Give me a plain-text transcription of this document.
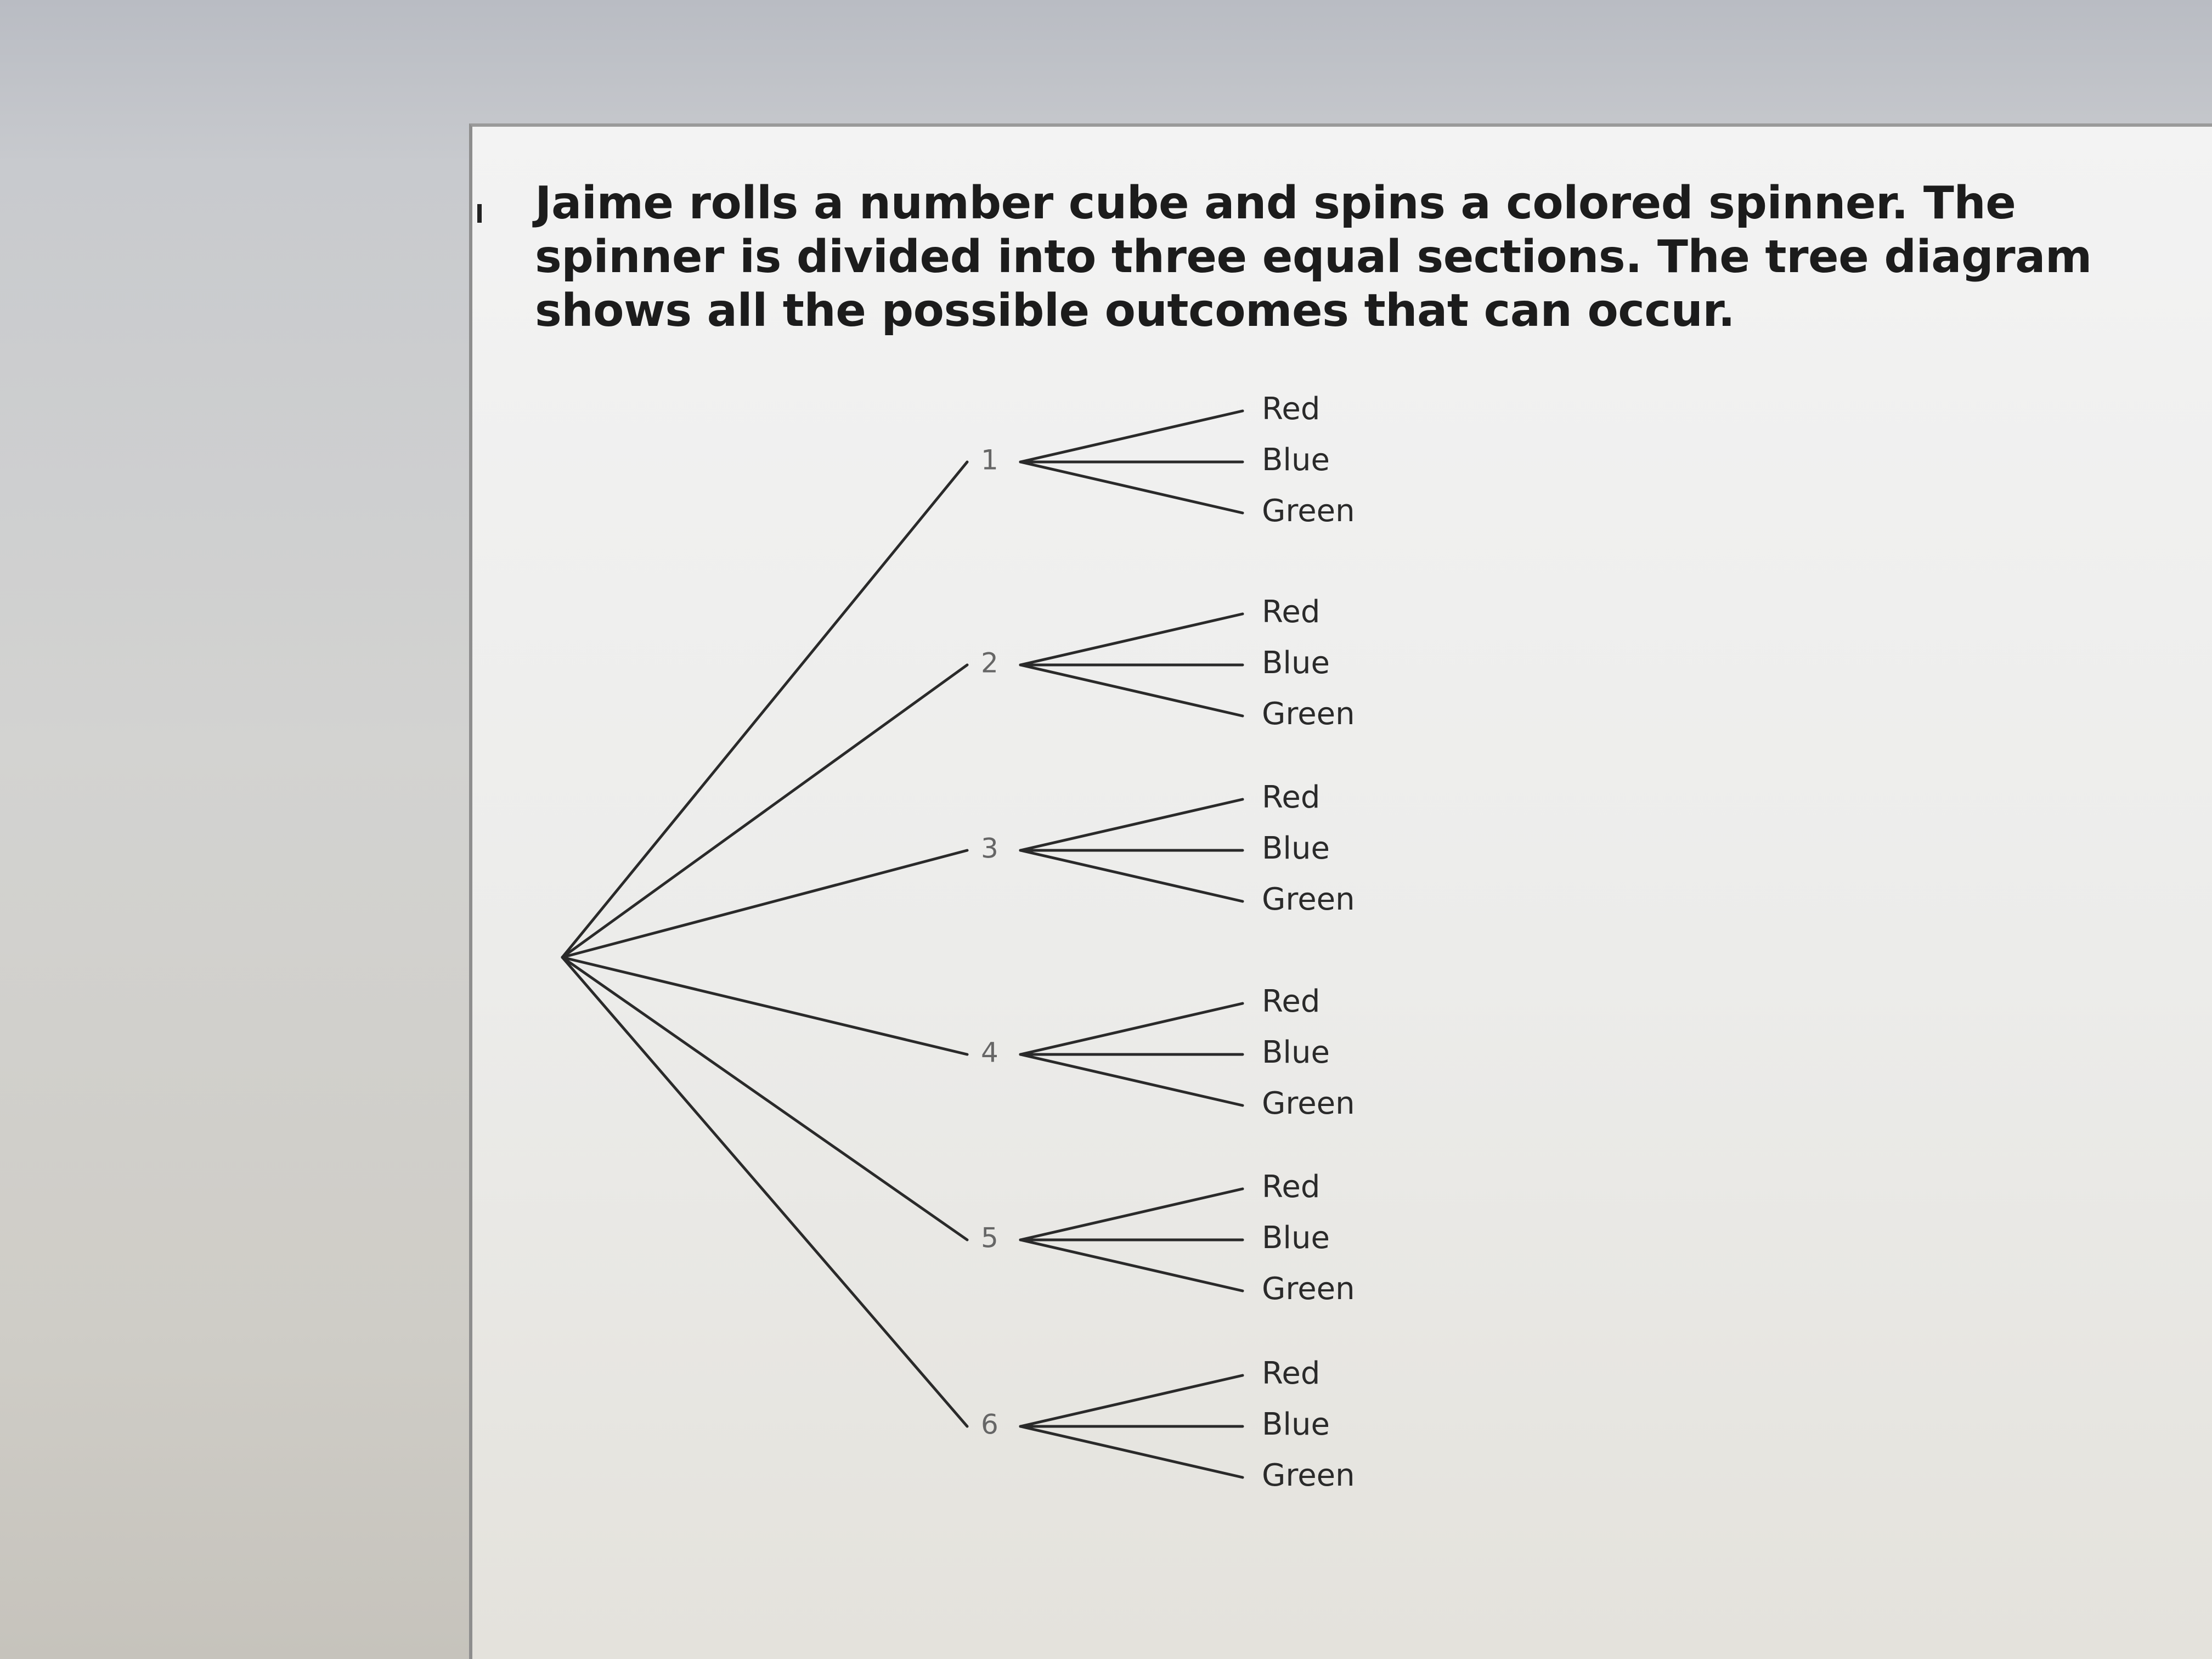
Jaime rolls a number cube and spins a colored spinner. The spinner is divided into three equal sections. The tree diagram shows all the possible outcomes that can occur.

1
Red
Blue
Green
2
Red
Blue
Green
3
Red
Blue
Green
4
Red
Blue
Green
5
Red
Blue
Green
6
Red
Blue
Green
